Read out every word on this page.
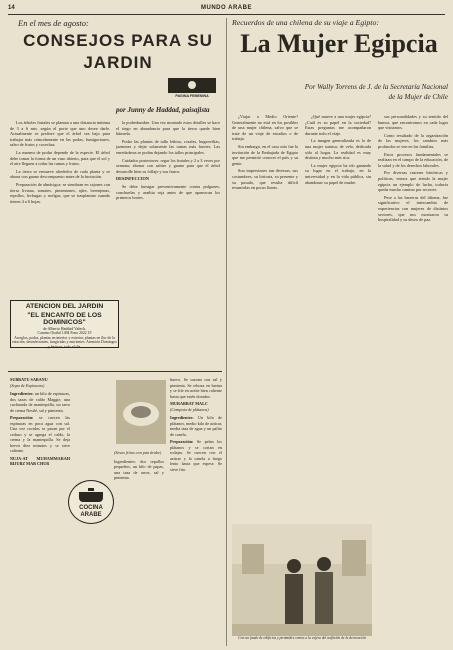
14	MUNDO ARABE
En el mes de agosto:
CONSEJOS PARA SU JARDIN
PAGINA FEMENINA
por Junny de Haddad, paisajista

Los árboles frutales se plantan a una distancia mínima de 3 a 6 mts. según el porte que uno desee darle. Actualmente se prefiere que el árbol sea bajo para trabajar más cómodamente en las podas, fumigaciones, raleo de frutos y cosechas.

La manera de podar depende de la especie. El árbol debe tomar la forma de un vaso abierto, para que el sol y el aire lleguen a todas las ramas y frutos.

La tierra se remueve alrededor de cada planta y se abona con guano descompuesto antes de la brotación.

Preparación de almácigos: se siembran en cajones con tierra liviana, tomates, pimentones, ajíes, berenjenas, repollos, lechugas y acelgas, que se trasplantan cuando tienen 4 a 6 hojas.

la podredumbre. Una vez montado estos detalles se hace el riego en abundancia para que la tierra quede bien húmeda.

Podar las plantas de tallo leñoso, rosales, buganvilias, jazmines y dejar solamente las ramas más fuertes. Las enredaderas se podan dejando los tallos principales.

Cuidados posteriores: regar los frutales y 2 a 3 veces por semana; abonar con salitre y guano para que el árbol desarrolle bien su follaje y sus frutos.

DESINFECCION

Se debe fumigar preventivamente contra pulgones, conchuelas y arañita roja antes de que aparezcan los primeros brotes.

ATENCION DEL JARDIN
"EL ENCANTO DE LOS DOMINICOS"
de Alberto Haddad Valech.
Camino Otoñal 1494 Fono 2022 19
Arreglos, podas, plantas en interior y exterior, plantas en flor de la estación, desinfectantes, fungicidas y nutrientes. Atención Domingos y festivos, todo el día.

SUBBATU SABANU

(Sopa de Espinacas)

Ingredientes: un kilo de espinacas, dos tazas de caldo Maggie, una cucharada de mantequilla, un tarro de crema Nestlé, sal y pimienta.

Preparación: se cuecen las espinacas en poca agua con sal. Una vez cocidas se pasan por el cedazo y se agrega el caldo, la crema y la mantequilla. Se deja hervir diez minutos y se sirve caliente.

NUJA-AT MUHAMMARAH BIJUBZ MAB CHUR

COCINA
ARABE

(Sesos fritos con pan árabe)

Ingredientes: dos repollos pequeños, un kilo de papas, una taza de arroz, sal y pimienta.

huevo. Se sazona con sal y pimienta. Se reboza en harina y se fríe en aceite bien caliente hasta que estén dorados.

MURABBAT MALC

(Compota de plátanos)

Ingredientes: Un kilo de plátanos, medio kilo de azúcar, media taza de agua y un palito de canela.

Preparación: Se pelan los plátanos y se cortan en rodajas. Se cuecen con el azúcar y la canela a fuego lento hasta que espese. Se sirve frío.

Recuerdos de una chilena de su viaje a Egipto:
La Mujer Egipcia
Por Wally Torrens de J. de la Secretaría Nacional de la Mujer de Chile

¿Viajar a Medio Oriente? Generalmente no está en los posibles de una mujer chilena, salvo que se trate de un viaje de estudios o de trabajo.

Sin embargo, en el caso mío fue la invitación de la Embajada de Egipto que me permitió conocer el país y su gente.

Son impresiones tan diversas, sus costumbres, su historia, su presente y su pasado, que resulta difícil resumirlas en pocas líneas.

¿Qué mueve a una mujer egipcia? ¿Cuál es su papel en la sociedad? Estas preguntas me acompañaron durante todo el viaje.

La imagen generalizada es la de una mujer sumisa, de velo, dedicada sólo al hogar. La realidad es muy distinta y mucho más rica.

La mujer egipcia ha ido ganando su lugar en el trabajo, en la universidad y en la vida pública, sin abandonar su papel de madre.

sus personalidades y su sentido del humor, que encontramos en cada lugar que visitamos.

Como resultado de la organización de las mujeres, los cambios más profundos se ven en las familias.

Estos procesos fundamentales se realizan en el campo de la educación, de la salud y de los derechos laborales.

Por diversas razones históricas y políticas, vemos que siendo la mujer egipcia un ejemplo de lucha, todavía queda mucho camino por recorrer.

Pese a las barreras del idioma, fue significativo el intercambio de experiencias con mujeres de distintos sectores, que nos mostraron su hospitalidad y su deseo de paz.

Con un fondo de edificios y pirámides vemos a la esfera del anfitrión de la decoración
